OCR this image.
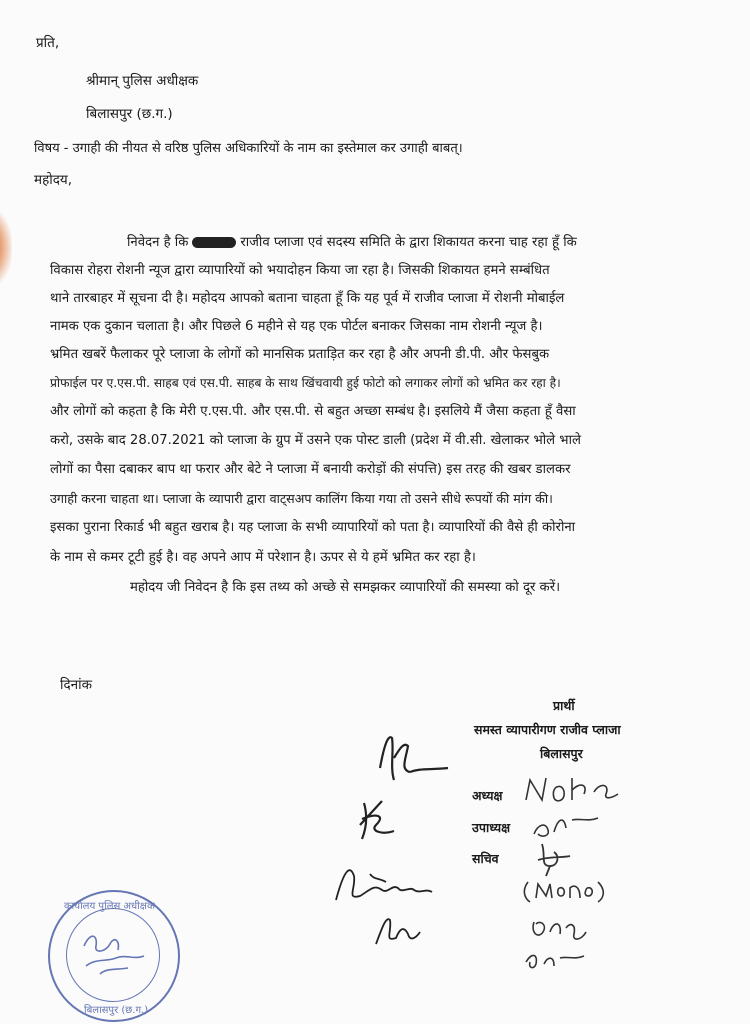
प्रति,
श्रीमान् पुलिस अधीक्षक
बिलासपुर (छ.ग.)
विषय - उगाही की नीयत से वरिष्ठ पुलिस अधिकारियों के नाम का इस्तेमाल कर उगाही बाबत्।
महोदय,
निवेदन है कि	राजीव प्लाजा एवं सदस्य समिति के द्वारा शिकायत करना चाह रहा हूँ कि
विकास रोहरा रोशनी न्यूज द्वारा व्यापारियों को भयादोहन किया जा रहा है। जिसकी शिकायत हमने सम्बंधित
थाने तारबाहर में सूचना दी है। महोदय आपको बताना चाहता हूँ कि यह पूर्व में राजीव प्लाजा में रोशनी मोबाईल
नामक एक दुकान चलाता है। और पिछले 6 महीने से यह एक पोर्टल बनाकर जिसका नाम रोशनी न्यूज है।
भ्रमित खबरें फैलाकर पूरे प्लाजा के लोगों को मानसिक प्रताड़ित कर रहा है और अपनी डी.पी. और फेसबुक
प्रोफाईल पर ए.एस.पी. साहब एवं एस.पी. साहब के साथ खिंचवायी हुई फोटो को लगाकर लोगों को भ्रमित कर रहा है।
और लोगों को कहता है कि मेरी ए.एस.पी. और एस.पी. से बहुत अच्छा सम्बंध है। इसलिये मैं जैसा कहता हूँ वैसा
करो, उसके बाद 28.07.2021 को प्लाजा के ग्रुप में उसने एक पोस्ट डाली (प्रदेश में वी.सी. खेलाकर भोले भाले
लोगों का पैसा दबाकर बाप था फरार और बेटे ने प्लाजा में बनायी करोड़ों की संपत्ति) इस तरह की खबर डालकर
उगाही करना चाहता था। प्लाजा के व्यापारी द्वारा वाट्सअप कालिंग किया गया तो उसने सीधे रूपयों की मांग की।
इसका पुराना रिकार्ड भी बहुत खराब है। यह प्लाजा के सभी व्यापारियों को पता है। व्यापारियों की वैसे ही कोरोना
के नाम से कमर टूटी हुई है। वह अपने आप में परेशान है। ऊपर से ये हमें भ्रमित कर रहा है।
महोदय जी निवेदन है कि इस तथ्य को अच्छे से समझकर व्यापारियों की समस्या को दूर करें।
दिनांक
प्रार्थी
समस्त व्यापारीगण राजीव प्लाजा
बिलासपुर
अध्यक्ष
उपाध्यक्ष
सचिव
कार्यालय पुलिस अधीक्षक
बिलासपुर (छ.ग.)
